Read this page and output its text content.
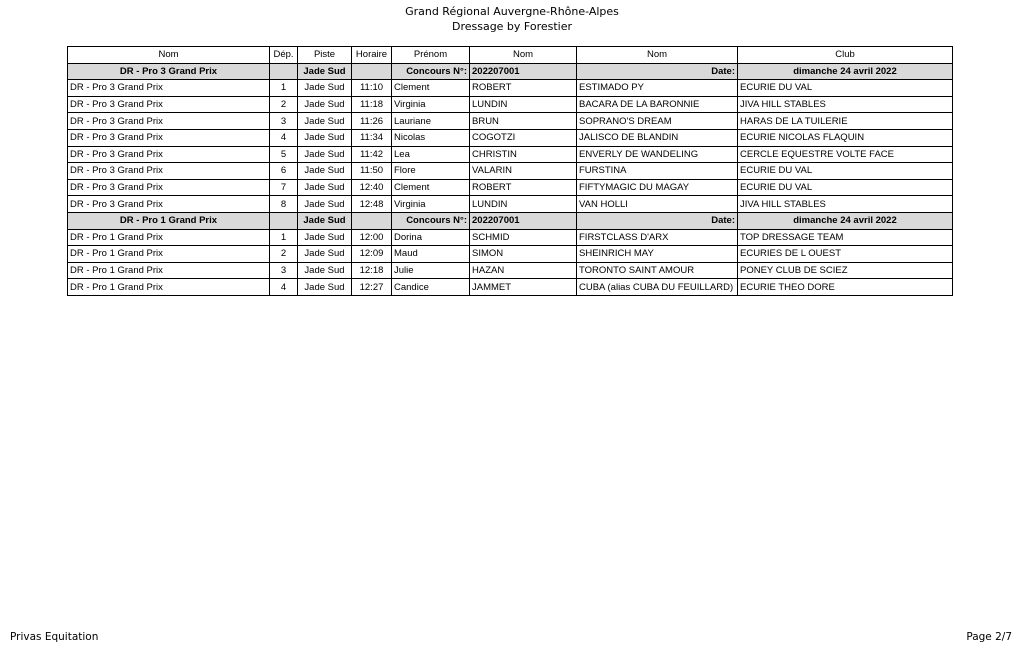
Grand Régional Auvergne-Rhône-Alpes
Dressage by Forestier
Nom	Dép.	Piste	Horaire	Prénom	Nom	Nom	Club
DR - Pro 3 Grand Prix		Jade Sud		Concours N°:	202207001	Date:	dimanche 24 avril 2022
DR - Pro 3 Grand Prix	1	Jade Sud	11:10	Clement	ROBERT	ESTIMADO PY	ECURIE DU VAL
DR - Pro 3 Grand Prix	2	Jade Sud	11:18	Virginia	LUNDIN	BACARA DE LA BARONNIE	JIVA HILL STABLES
DR - Pro 3 Grand Prix	3	Jade Sud	11:26	Lauriane	BRUN	SOPRANO'S DREAM	HARAS DE LA TUILERIE
DR - Pro 3 Grand Prix	4	Jade Sud	11:34	Nicolas	COGOTZI	JALISCO DE BLANDIN	ECURIE NICOLAS FLAQUIN
DR - Pro 3 Grand Prix	5	Jade Sud	11:42	Lea	CHRISTIN	ENVERLY DE WANDELING	CERCLE EQUESTRE VOLTE FACE
DR - Pro 3 Grand Prix	6	Jade Sud	11:50	Flore	VALARIN	FURSTINA	ECURIE DU VAL
DR - Pro 3 Grand Prix	7	Jade Sud	12:40	Clement	ROBERT	FIFTYMAGIC DU MAGAY	ECURIE DU VAL
DR - Pro 3 Grand Prix	8	Jade Sud	12:48	Virginia	LUNDIN	VAN HOLLI	JIVA HILL STABLES
DR - Pro 1 Grand Prix		Jade Sud		Concours N°:	202207001	Date:	dimanche 24 avril 2022
DR - Pro 1 Grand Prix	1	Jade Sud	12:00	Dorina	SCHMID	FIRSTCLASS D'ARX	TOP DRESSAGE TEAM
DR - Pro 1 Grand Prix	2	Jade Sud	12:09	Maud	SIMON	SHEINRICH MAY	ECURIES DE L OUEST
DR - Pro 1 Grand Prix	3	Jade Sud	12:18	Julie	HAZAN	TORONTO SAINT AMOUR	PONEY CLUB DE SCIEZ
DR - Pro 1 Grand Prix	4	Jade Sud	12:27	Candice	JAMMET	CUBA (alias CUBA DU FEUILLARD)	ECURIE THEO DORE
Privas Equitation	Page 2/7
